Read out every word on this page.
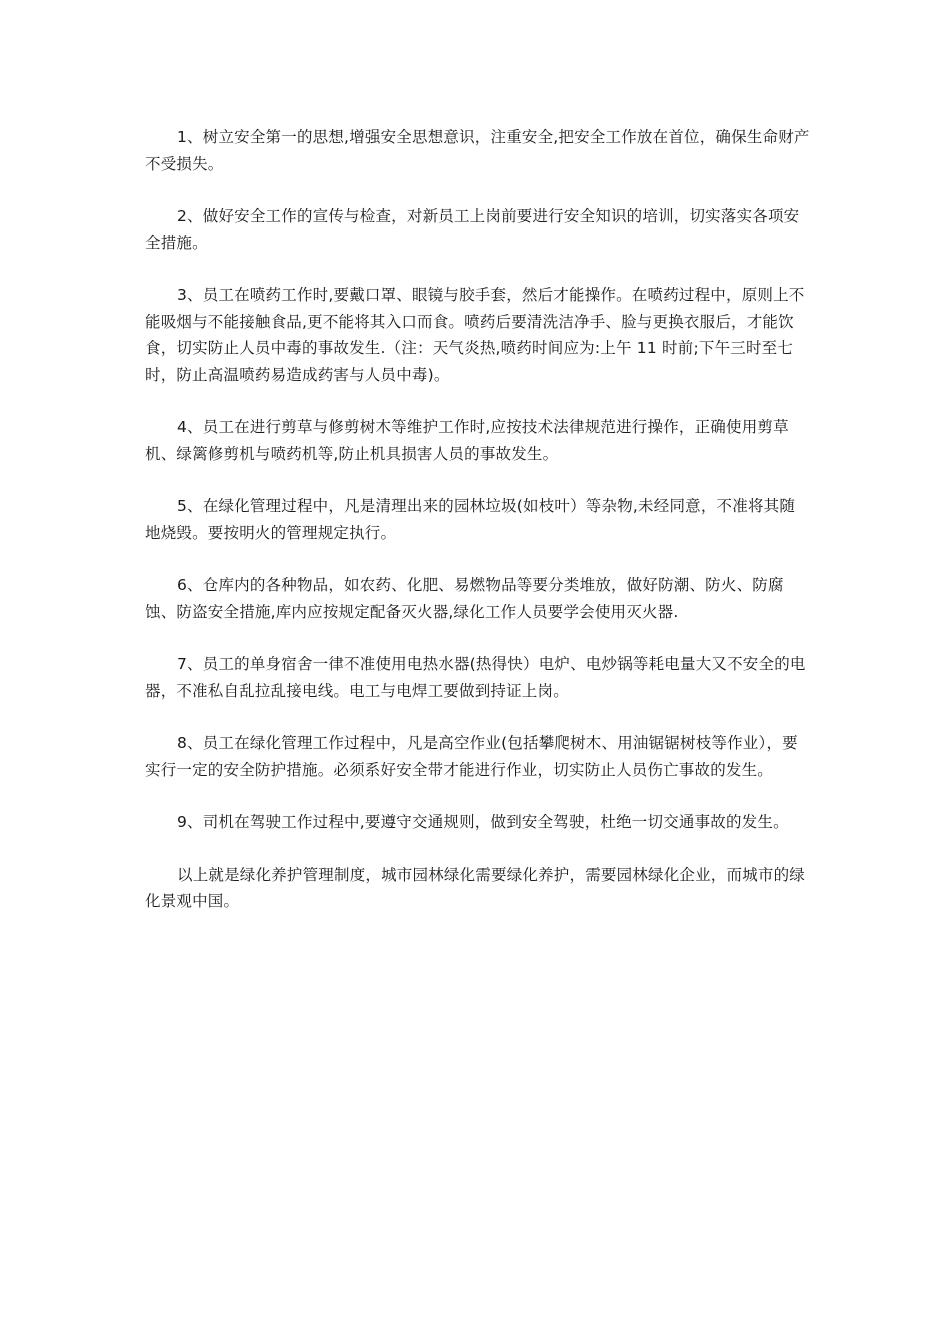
1、树立安全第一的思想,增强安全思想意识，注重安全,把安全工作放在首位，确保生命财产不受损失。

2、做好安全工作的宣传与检查，对新员工上岗前要进行安全知识的培训，切实落实各项安全措施。

3、员工在喷药工作时,要戴口罩、眼镜与胶手套，然后才能操作。在喷药过程中，原则上不能吸烟与不能接触食品,更不能将其入口而食。喷药后要清洗洁净手、脸与更换衣服后，才能饮食，切实防止人员中毒的事故发生.（注：天气炎热,喷药时间应为:上午 11 时前;下午三时至七时，防止高温喷药易造成药害与人员中毒)。

4、员工在进行剪草与修剪树木等维护工作时,应按技术法律规范进行操作，正确使用剪草机、绿篱修剪机与喷药机等,防止机具损害人员的事故发生。

5、在绿化管理过程中，凡是清理出来的园林垃圾(如枝叶）等杂物,未经同意，不准将其随地烧毁。要按明火的管理规定执行。

6、仓库内的各种物品，如农药、化肥、易燃物品等要分类堆放，做好防潮、防火、防腐蚀、防盗安全措施,库内应按规定配备灭火器,绿化工作人员要学会使用灭火器.

7、员工的单身宿舍一律不准使用电热水器(热得快）电炉、电炒锅等耗电量大又不安全的电器，不准私自乱拉乱接电线。电工与电焊工要做到持证上岗。

8、员工在绿化管理工作过程中，凡是高空作业(包括攀爬树木、用油锯锯树枝等作业），要实行一定的安全防护措施。必须系好安全带才能进行作业，切实防止人员伤亡事故的发生。

9、司机在驾驶工作过程中,要遵守交通规则，做到安全驾驶，杜绝一切交通事故的发生。

以上就是绿化养护管理制度，城市园林绿化需要绿化养护，需要园林绿化企业，而城市的绿化景观中国。
